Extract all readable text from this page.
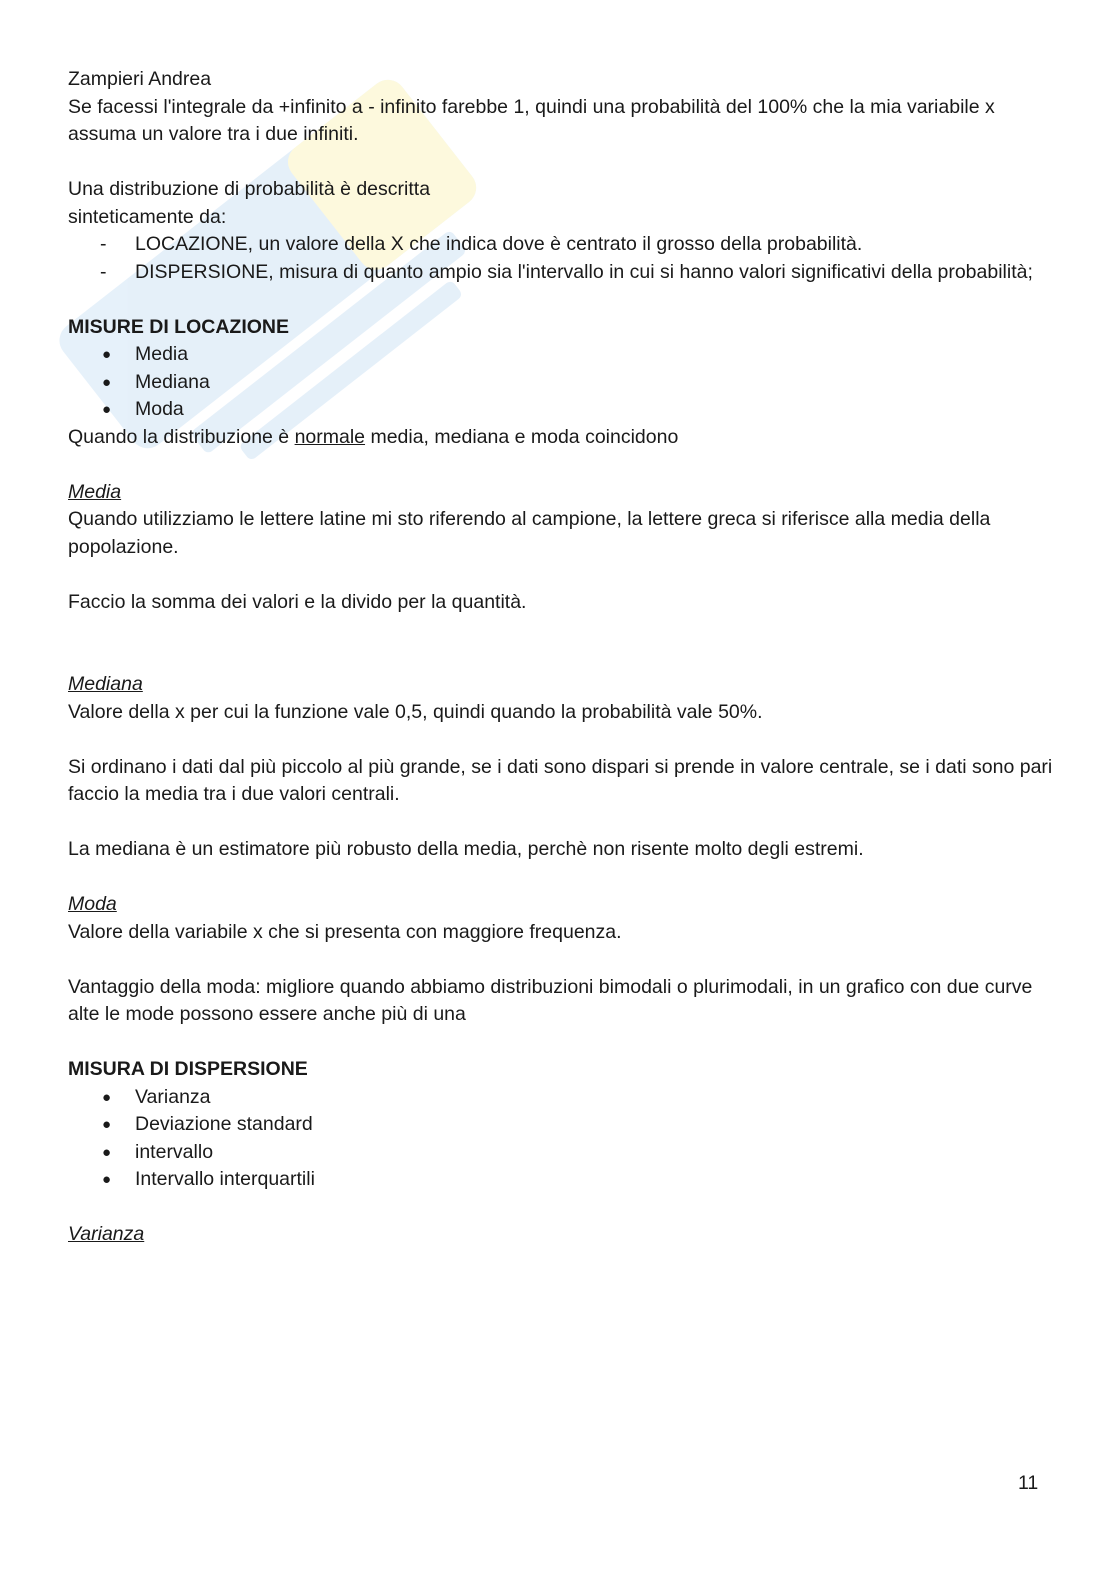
Zampieri Andrea

Se facessi l'integrale da +infinito a - infinito farebbe 1, quindi una probabilità del 100% che la mia variabile x assuma un valore tra i due infiniti.

Una distribuzione di probabilità è descritta

sinteticamente da:

- LOCAZIONE, un valore della X che indica dove è centrato il grosso della probabilità.
- DISPERSIONE, misura di quanto ampio sia l'intervallo in cui si hanno valori significativi della probabilità;

MISURE DI LOCAZIONE

● Media
● Mediana
● Moda

Quando la distribuzione è normale media, mediana e moda coincidono

Media

Quando utilizziamo le lettere latine mi sto riferendo al campione, la lettere greca si riferisce alla media della popolazione.

Faccio la somma dei valori e la divido per la quantità.

Mediana

Valore della x per cui la funzione vale 0,5, quindi quando la probabilità vale 50%.

Si ordinano i dati dal più piccolo al più grande, se i dati sono dispari si prende in valore centrale, se i dati sono pari faccio la media tra i due valori centrali.

La mediana è un estimatore più robusto della media, perchè non risente molto degli estremi.

Moda

Valore della variabile x che si presenta con maggiore frequenza.

Vantaggio della moda: migliore quando abbiamo distribuzioni bimodali o plurimodali, in un grafico con due curve alte le mode possono essere anche più di una

MISURA DI DISPERSIONE

● Varianza
● Deviazione standard
● intervallo
● Intervallo interquartili

Varianza

11
